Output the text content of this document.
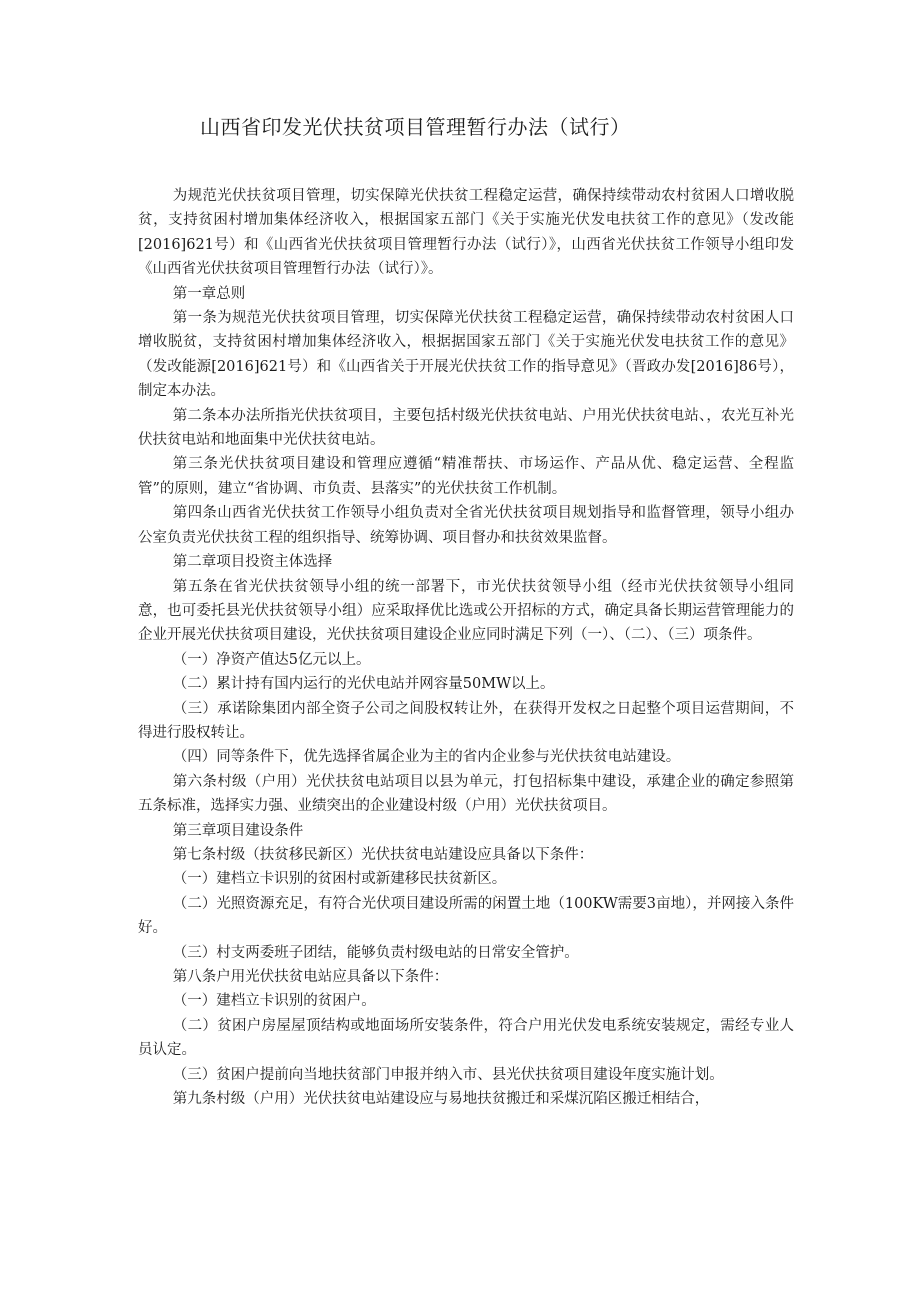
山西省印发光伏扶贫项目管理暂行办法（试行）

为规范光伏扶贫项目管理，切实保障光伏扶贫工程稳定运营，确保持续带动农村贫困人口增收脱贫，支持贫困村增加集体经济收入，根据国家五部门《关于实施光伏发电扶贫工作的意见》（发改能[2016]621号）和《山西省光伏扶贫项目管理暂行办法（试行）》，山西省光伏扶贫工作领导小组印发《山西省光伏扶贫项目管理暂行办法（试行）》。

第一章总则

第一条为规范光伏扶贫项目管理，切实保障光伏扶贫工程稳定运营，确保持续带动农村贫困人口增收脱贫，支持贫困村增加集体经济收入，根据据国家五部门《关于实施光伏发电扶贫工作的意见》（发改能源[2016]621号）和《山西省关于开展光伏扶贫工作的指导意见》（晋政办发[2016]86号），制定本办法。

第二条本办法所指光伏扶贫项目，主要包括村级光伏扶贫电站、户用光伏扶贫电站、，农光互补光伏扶贫电站和地面集中光伏扶贫电站。

第三条光伏扶贫项目建设和管理应遵循“精准帮扶、市场运作、产品从优、稳定运营、全程监管”的原则，建立“省协调、市负责、县落实”的光伏扶贫工作机制。

第四条山西省光伏扶贫工作领导小组负责对全省光伏扶贫项目规划指导和监督管理，领导小组办公室负责光伏扶贫工程的组织指导、统筹协调、项目督办和扶贫效果监督。

第二章项目投资主体选择

第五条在省光伏扶贫领导小组的统一部署下，市光伏扶贫领导小组（经市光伏扶贫领导小组同意，也可委托县光伏扶贫领导小组）应采取择优比选或公开招标的方式，确定具备长期运营管理能力的企业开展光伏扶贫项目建设，光伏扶贫项目建设企业应同时满足下列（一）、（二）、（三）项条件。

（一）净资产值达5亿元以上。

（二）累计持有国内运行的光伏电站并网容量50MW以上。

（三）承诺除集团内部全资子公司之间股权转让外，在获得开发权之日起整个项目运营期间，不得进行股权转让。

（四）同等条件下，优先选择省属企业为主的省内企业参与光伏扶贫电站建设。

第六条村级（户用）光伏扶贫电站项目以县为单元，打包招标集中建设，承建企业的确定参照第五条标准，选择实力强、业绩突出的企业建设村级（户用）光伏扶贫项目。

第三章项目建设条件

第七条村级（扶贫移民新区）光伏扶贫电站建设应具备以下条件：

（一）建档立卡识别的贫困村或新建移民扶贫新区。

（二）光照资源充足，有符合光伏项目建设所需的闲置土地（100KW需要3亩地），并网接入条件好。

（三）村支两委班子团结，能够负责村级电站的日常安全管护。

第八条户用光伏扶贫电站应具备以下条件：

（一）建档立卡识别的贫困户。

（二）贫困户房屋屋顶结构或地面场所安装条件，符合户用光伏发电系统安装规定，需经专业人员认定。

（三）贫困户提前向当地扶贫部门申报并纳入市、县光伏扶贫项目建设年度实施计划。

第九条村级（户用）光伏扶贫电站建设应与易地扶贫搬迁和采煤沉陷区搬迁相结合，
